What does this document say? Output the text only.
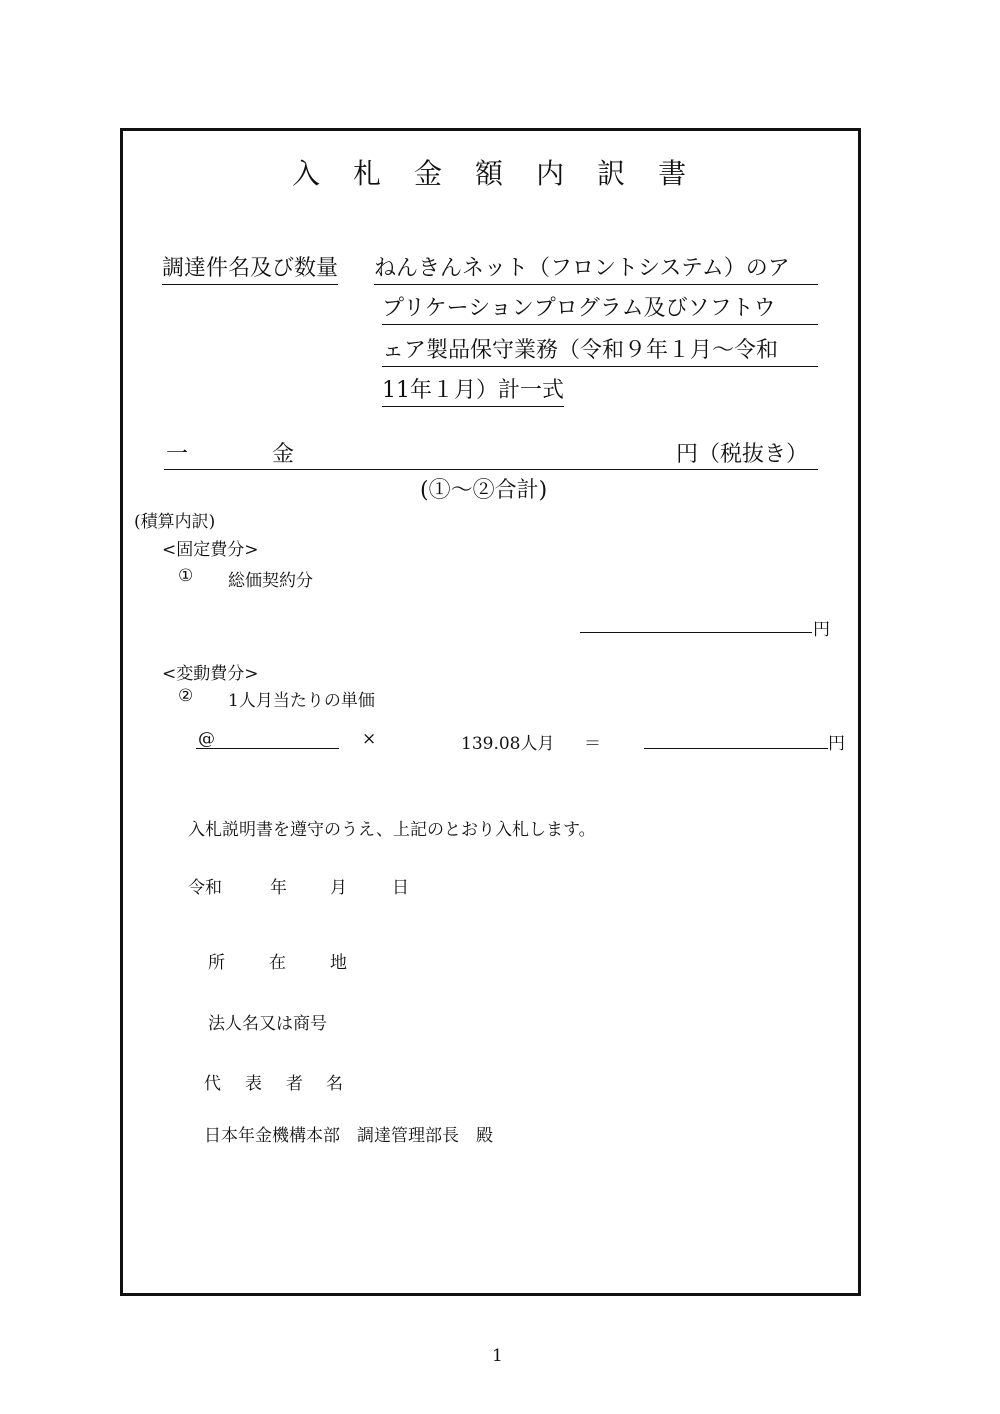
入 札 金 額 内 訳 書
調達件名及び数量 ねんきんネット（フロントシステム）のア
プリケーションプログラム及びソフトウ
ェア製品保守業務（令和９年１月～令和
11年１月）計一式
一	金	円（税抜き）
(①～②合計)
(積算内訳)
<固定費分>
① 総価契約分
円
<変動費分>
② 1人月当たりの単価
@	×	139.08人月 ＝	円
入札説明書を遵守のうえ、上記のとおり入札します。
令和	年	月	日
所	在	地
法人名又は商号
代 表 者 名
日本年金機構本部　調達管理部長　殿
1
